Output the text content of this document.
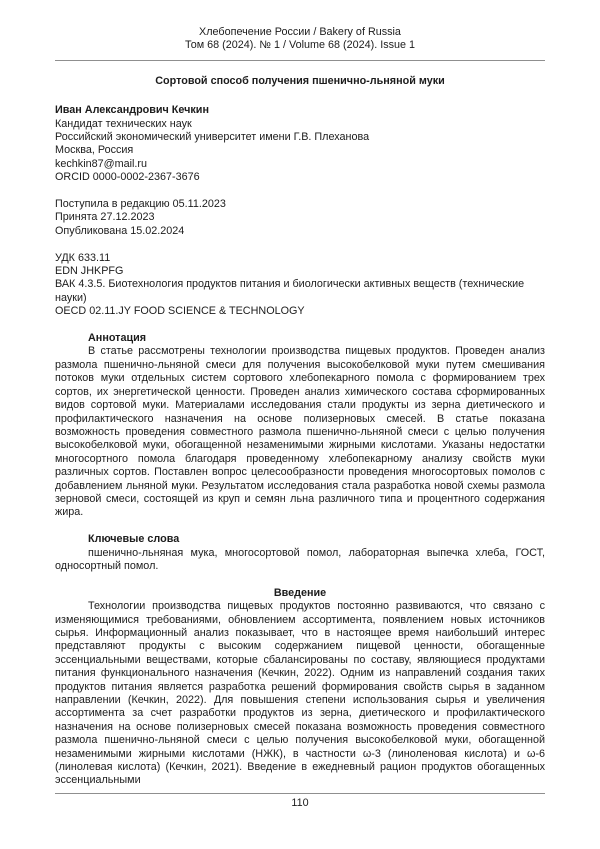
Хлебопечение России / Bakery of Russia
Том 68 (2024). № 1 / Volume 68 (2024). Issue 1
Сортовой способ получения пшенично-льняной муки
Иван Александрович Кечкин
Кандидат технических наук
Российский экономический университет имени Г.В. Плеханова
Москва, Россия
kechkin87@mail.ru
ORCID 0000-0002-2367-3676
Поступила в редакцию 05.11.2023
Принята 27.12.2023
Опубликована 15.02.2024
УДК 633.11
EDN JHKPFG
ВАК 4.3.5. Биотехнология продуктов питания и биологически активных веществ (технические науки)
OECD 02.11.JY FOOD SCIENCE & TECHNOLOGY
Аннотация

В статье рассмотрены технологии производства пищевых продуктов. Проведен анализ размола пшенично-льняной смеси для получения высокобелковой муки путем смешивания потоков муки отдельных систем сортового хлебопекарного помола с формированием трех сортов, их энергетической ценности. Проведен анализ химического состава сформированных видов сортовой муки. Материалами исследования стали продукты из зерна диетического и профилактического назначения на основе полизерновых смесей. В статье показана возможность проведения совместного размола пшенично-льняной смеси с целью получения высокобелковой муки, обогащенной незаменимыми жирными кислотами. Указаны недостатки многосортного помола благодаря проведенному хлебопекарному анализу свойств муки различных сортов. Поставлен вопрос целесообразности проведения многосортовых помолов с добавлением льняной муки. Результатом исследования стала разработка новой схемы размола зерновой смеси, состоящей из круп и семян льна различного типа и процентного содержания жира.

Ключевые слова

пшенично-льняная мука, многосортовой помол, лабораторная выпечка хлеба, ГОСТ, односортный помол.

Введение

Технологии производства пищевых продуктов постоянно развиваются, что связано с изменяющимися требованиями, обновлением ассортимента, появлением новых источников сырья. Информационный анализ показывает, что в настоящее время наибольший интерес представляют продукты с высоким содержанием пищевой ценности, обогащенные эссенциальными веществами, которые сбалансированы по составу, являющиеся продуктами питания функционального назначения (Кечкин, 2022). Одним из направлений создания таких продуктов питания является разработка решений формирования свойств сырья в заданном направлении (Кечкин, 2022). Для повышения степени использования сырья и увеличения ассортимента за счет разработки продуктов из зерна, диетического и профилактического назначения на основе полизерновых смесей показана возможность проведения совместного размола пшенично-льняной смеси с целью получения высокобелковой муки, обогащенной незаменимыми жирными кислотами (НЖК), в частности ω-3 (линоленовая кислота) и ω-6 (линолевая кислота) (Кечкин, 2021). Введение в ежедневный рацион продуктов обогащенных эссенциальными

110
